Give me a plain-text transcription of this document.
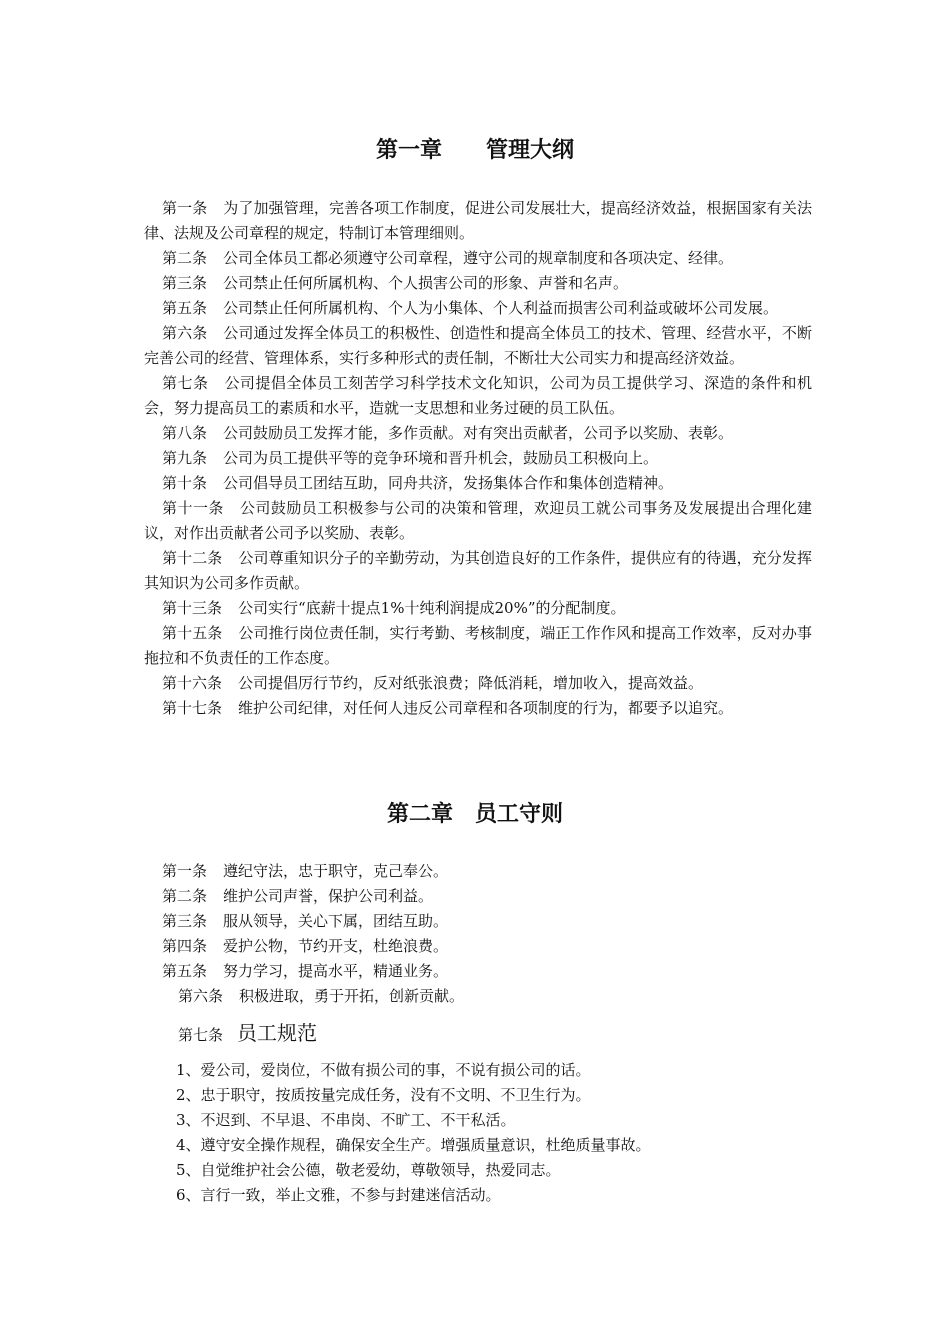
第一章　　管理大纲

第一条 为了加强管理，完善各项工作制度，促进公司发展壮大，提高经济效益，根据国家有关法律、法规及公司章程的规定，特制订本管理细则。

第二条 公司全体员工都必须遵守公司章程，遵守公司的规章制度和各项决定、经律。

第三条 公司禁止任何所属机构、个人损害公司的形象、声誉和名声。

第五条 公司禁止任何所属机构、个人为小集体、个人利益而损害公司利益或破坏公司发展。

第六条 公司通过发挥全体员工的积极性、创造性和提高全体员工的技术、管理、经营水平，不断完善公司的经营、管理体系，实行多种形式的责任制，不断壮大公司实力和提高经济效益。

第七条 公司提倡全体员工刻苦学习科学技术文化知识，公司为员工提供学习、深造的条件和机会，努力提高员工的素质和水平，造就一支思想和业务过硬的员工队伍。

第八条 公司鼓励员工发挥才能，多作贡献。对有突出贡献者，公司予以奖励、表彰。

第九条 公司为员工提供平等的竞争环境和晋升机会，鼓励员工积极向上。

第十条 公司倡导员工团结互助，同舟共济，发扬集体合作和集体创造精神。

第十一条 公司鼓励员工积极参与公司的决策和管理，欢迎员工就公司事务及发展提出合理化建议，对作出贡献者公司予以奖励、表彰。

第十二条 公司尊重知识分子的辛勤劳动，为其创造良好的工作条件，提供应有的待遇，充分发挥其知识为公司多作贡献。

第十三条 公司实行“底薪十提点1%十纯利润提成20%”的分配制度。

第十五条 公司推行岗位责任制，实行考勤、考核制度，端正工作作风和提高工作效率，反对办事拖拉和不负责任的工作态度。

第十六条 公司提倡厉行节约，反对纸张浪费；降低消耗，增加收入，提高效益。

第十七条 维护公司纪律，对任何人违反公司章程和各项制度的行为，都要予以追究。

第二章　员工守则

第一条 遵纪守法，忠于职守，克己奉公。

第二条 维护公司声誉，保护公司利益。

第三条 服从领导，关心下属，团结互助。

第四条 爱护公物，节约开支，杜绝浪费。

第五条 努力学习，提高水平，精通业务。

第六条 积极进取，勇于开拓，创新贡献。

第七条 员工规范

1、爱公司，爱岗位，不做有损公司的事，不说有损公司的话。

2、忠于职守，按质按量完成任务，没有不文明、不卫生行为。

3、不迟到、不早退、不串岗、不旷工、不干私活。

4、遵守安全操作规程，确保安全生产。增强质量意识，杜绝质量事故。

5、自觉维护社会公德，敬老爱幼，尊敬领导，热爱同志。

6、言行一致，举止文雅，不参与封建迷信活动。
